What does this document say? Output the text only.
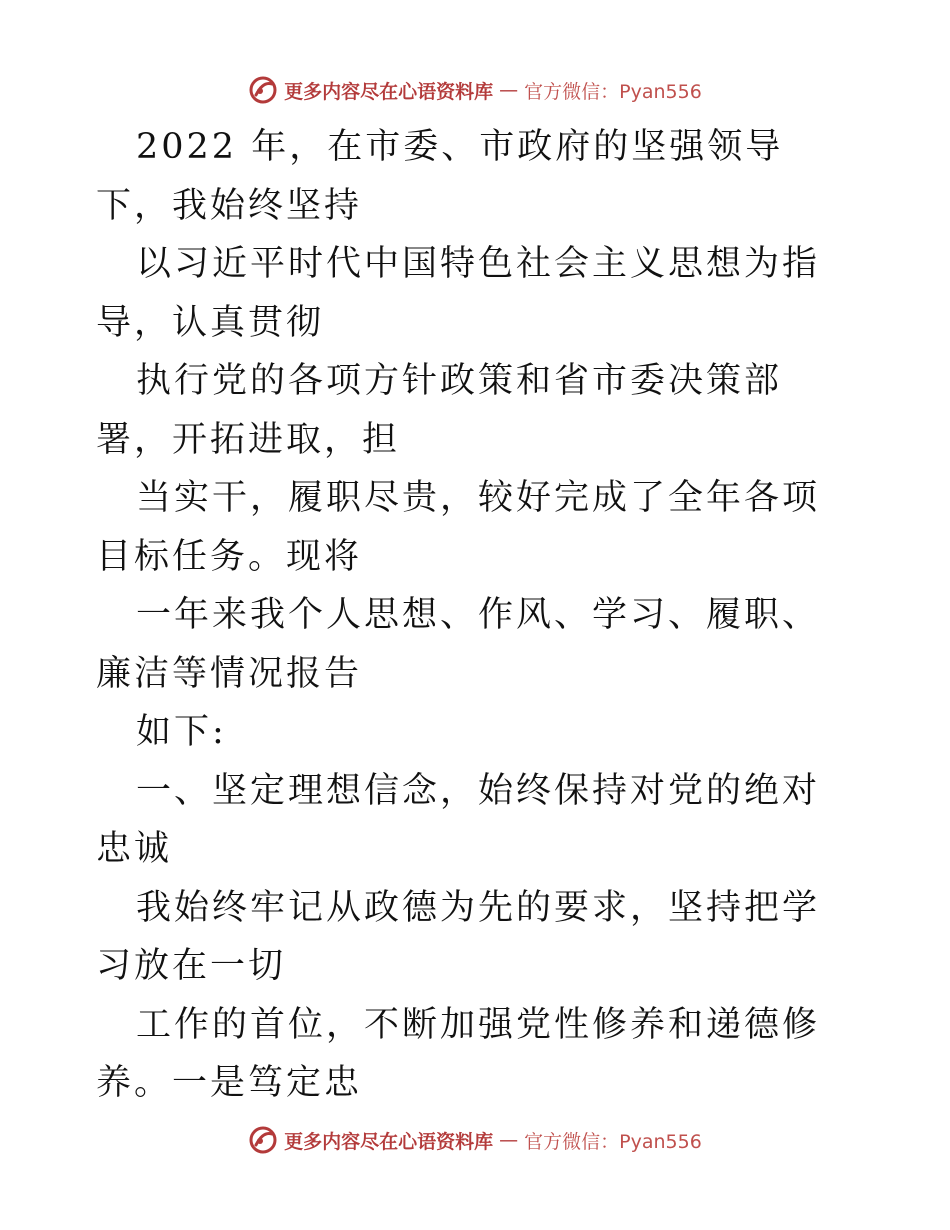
更多内容尽在心语资料库 — 官方微信：Pyan556

2022 年，在市委、市政府的坚强领导下，我始终坚持

以习近平时代中国特色社会主义思想为指导，认真贯彻

执行党的各项方针政策和省市委决策部署，开拓进取，担

当实干，履职尽贵，较好完成了全年各项目标任务。现将

一年来我个人思想、作风、学习、履职、廉洁等情况报告

如下:

一、坚定理想信念，始终保持对党的绝对忠诚

我始终牢记从政德为先的要求，坚持把学习放在一切

工作的首位，不断加强党性修养和递德修养。一是笃定忠

更多内容尽在心语资料库 — 官方微信：Pyan556
